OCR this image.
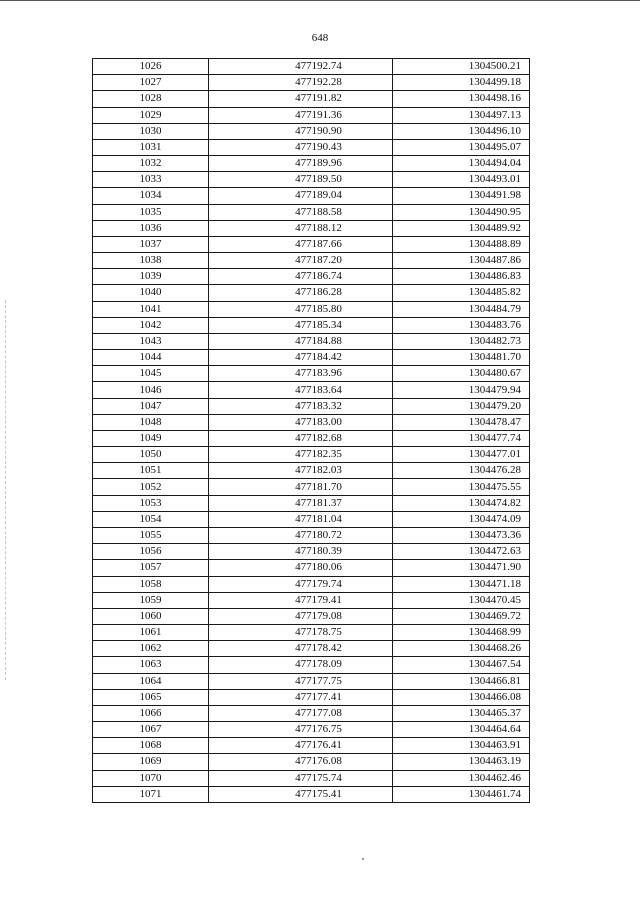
648
1026	477192.74	1304500.21
1027	477192.28	1304499.18
1028	477191.82	1304498.16
1029	477191.36	1304497.13
1030	477190.90	1304496.10
1031	477190.43	1304495.07
1032	477189.96	1304494.04
1033	477189.50	1304493.01
1034	477189.04	1304491.98
1035	477188.58	1304490.95
1036	477188.12	1304489.92
1037	477187.66	1304488.89
1038	477187.20	1304487.86
1039	477186.74	1304486.83
1040	477186.28	1304485.82
1041	477185.80	1304484.79
1042	477185.34	1304483.76
1043	477184.88	1304482.73
1044	477184.42	1304481.70
1045	477183.96	1304480.67
1046	477183.64	1304479.94
1047	477183.32	1304479.20
1048	477183.00	1304478.47
1049	477182.68	1304477.74
1050	477182.35	1304477.01
1051	477182.03	1304476.28
1052	477181.70	1304475.55
1053	477181.37	1304474.82
1054	477181.04	1304474.09
1055	477180.72	1304473.36
1056	477180.39	1304472.63
1057	477180.06	1304471.90
1058	477179.74	1304471.18
1059	477179.41	1304470.45
1060	477179.08	1304469.72
1061	477178.75	1304468.99
1062	477178.42	1304468.26
1063	477178.09	1304467.54
1064	477177.75	1304466.81
1065	477177.41	1304466.08
1066	477177.08	1304465.37
1067	477176.75	1304464.64
1068	477176.41	1304463.91
1069	477176.08	1304463.19
1070	477175.74	1304462.46
1071	477175.41	1304461.74
